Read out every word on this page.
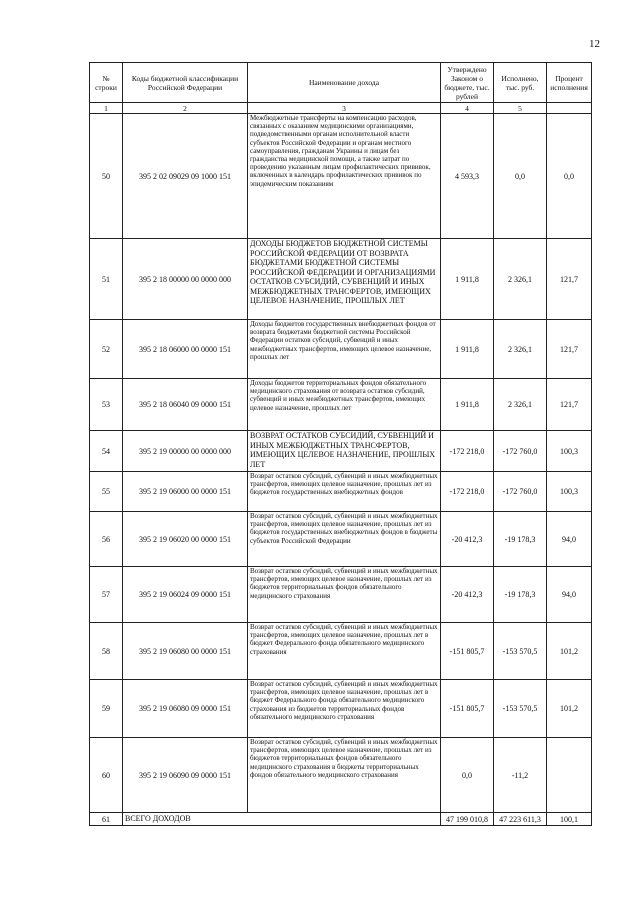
12
№ строки	Коды бюджетной классификации Российской Федерации	Наименование дохода	Утверждено Законом о бюджете, тыс. рублей	Исполнено, тыс. руб.	Процент исполнения
1	2	3	4	5	
50	395 2 02 09029 09 1000 151	Межбюджетные трансферты на компенсацию расходов, связанных с оказанием медицинскими организациями, подведомственными органам исполнительной власти субъектов Российской Федерации и органам местного самоуправления, гражданам Украины и лицам без гражданства медицинской помощи, а также затрат по проведению указанным лицам профилактических прививок, включенных в календарь профилактических прививок по эпидемическим показаниям	4 593,3	0,0	0,0
51	395 2 18 00000 00 0000 000	ДОХОДЫ БЮДЖЕТОВ БЮДЖЕТНОЙ СИСТЕМЫ РОССИЙСКОЙ ФЕДЕРАЦИИ ОТ ВОЗВРАТА БЮДЖЕТАМИ БЮДЖЕТНОЙ СИСТЕМЫ РОССИЙСКОЙ ФЕДЕРАЦИИ И ОРГАНИЗАЦИЯМИ ОСТАТКОВ СУБСИДИЙ, СУБВЕНЦИЙ И ИНЫХ МЕЖБЮДЖЕТНЫХ ТРАНСФЕРТОВ, ИМЕЮЩИХ ЦЕЛЕВОЕ НАЗНАЧЕНИЕ, ПРОШЛЫХ ЛЕТ	1 911,8	2 326,1	121,7
52	395 2 18 06000 00 0000 151	Доходы бюджетов государственных внебюджетных фондов от возврата бюджетами бюджетной системы Российской Федерации остатков субсидий, субвенций и иных межбюджетных трансфертов, имеющих целевое назначение, прошлых лет	1 911,8	2 326,1	121,7
53	395 2 18 06040 09 0000 151	Доходы бюджетов территориальных фондов обязательного медицинского страхования от возврата остатков субсидий, субвенций и иных межбюджетных трансфертов, имеющих целевое назначение, прошлых лет	1 911,8	2 326,1	121,7
54	395 2 19 00000 00 0000 000	ВОЗВРАТ ОСТАТКОВ СУБСИДИЙ, СУБВЕНЦИЙ И ИНЫХ МЕЖБЮДЖЕТНЫХ ТРАНСФЕРТОВ, ИМЕЮЩИХ ЦЕЛЕВОЕ НАЗНАЧЕНИЕ, ПРОШЛЫХ ЛЕТ	-172 218,0	-172 760,0	100,3
55	395 2 19 06000 00 0000 151	Возврат остатков субсидий, субвенций и иных межбюджетных трансфертов, имеющих целевое назначение, прошлых лет из бюджетов государственных внебюджетных фондов	-172 218,0	-172 760,0	100,3
56	395 2 19 06020 00 0000 151	Возврат остатков субсидий, субвенций и иных межбюджетных трансфертов, имеющих целевое назначение, прошлых лет из бюджетов государственных внебюджетных фондов в бюджеты субъектов Российской Федерации	-20 412,3	-19 178,3	94,0
57	395 2 19 06024 09 0000 151	Возврат остатков субсидий, субвенций и иных межбюджетных трансфертов, имеющих целевое назначение, прошлых лет из бюджетов территориальных фондов обязательного медицинского страхования	-20 412,3	-19 178,3	94,0
58	395 2 19 06080 00 0000 151	Возврат остатков субсидий, субвенций и иных межбюджетных трансфертов, имеющих целевое назначение, прошлых лет в бюджет Федерального фонда обязательного медицинского страхования	-151 805,7	-153 570,5	101,2
59	395 2 19 06080 09 0000 151	Возврат остатков субсидий, субвенций и иных межбюджетных трансфертов, имеющих целевое назначение, прошлых лет в бюджет Федерального фонда обязательного медицинского страхования из бюджетов территориальных фондов обязательного медицинского страхования	-151 805,7	-153 570,5	101,2
60	395 2 19 06090 09 0000 151	Возврат остатков субсидий, субвенций и иных межбюджетных трансфертов, имеющих целевое назначение, прошлых лет из бюджетов территориальных фондов обязательного медицинского страхования в бюджеты территориальных фондов обязательного медицинского страхования	0,0	-11,2	
61	ВСЕГО ДОХОДОВ		47 199 010,8	47 223 611,3	100,1
